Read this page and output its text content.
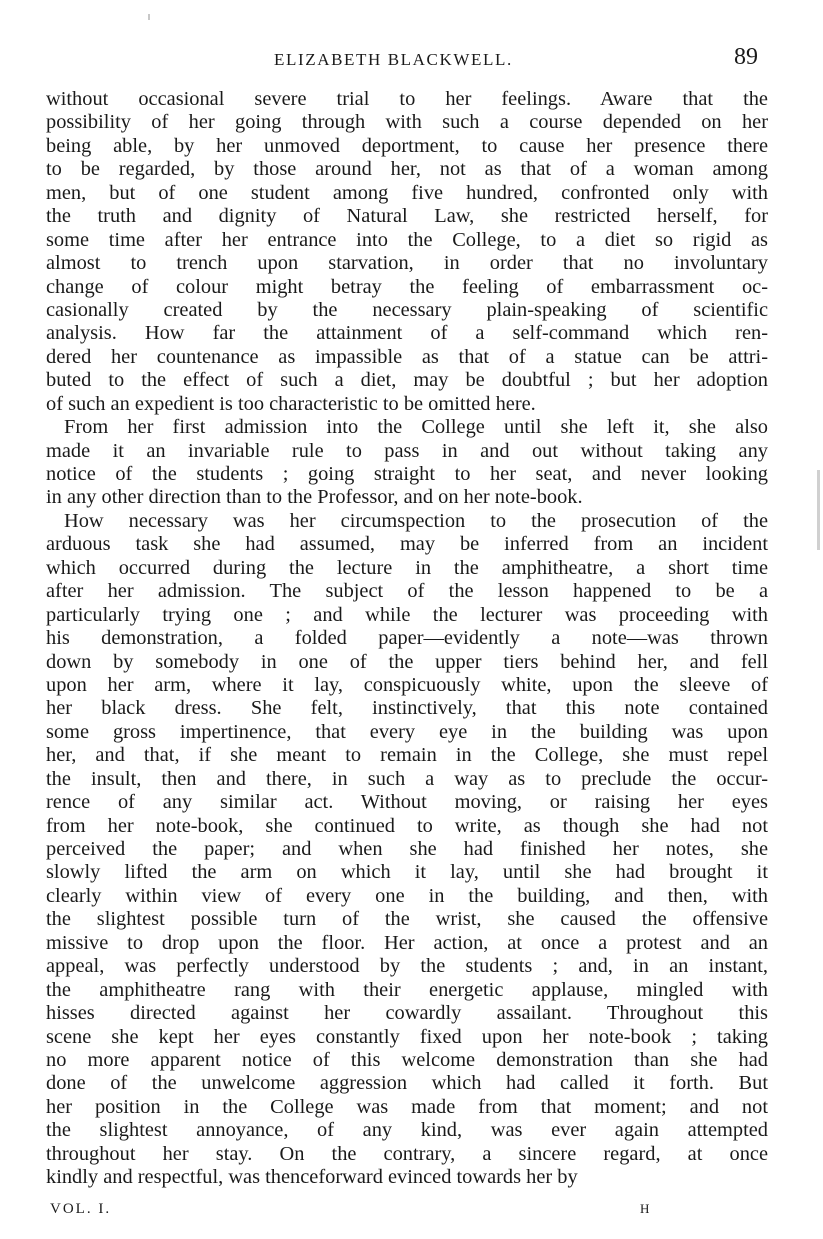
ELIZABETH BLACKWELL.	89
without occasional severe trial to her feelings. Aware that the
possibility of her going through with such a course depended on her
being able, by her unmoved deportment, to cause her presence there
to be regarded, by those around her, not as that of a woman among
men, but of one student among five hundred, confronted only with
the truth and dignity of Natural Law, she restricted herself, for
some time after her entrance into the College, to a diet so rigid as
almost to trench upon starvation, in order that no involuntary
change of colour might betray the feeling of embarrassment oc-
casionally created by the necessary plain-speaking of scientific
analysis. How far the attainment of a self-command which ren-
dered her countenance as impassible as that of a statue can be attri-
buted to the effect of such a diet, may be doubtful ; but her adoption
of such an expedient is too characteristic to be omitted here.
From her first admission into the College until she left it, she also
made it an invariable rule to pass in and out without taking any
notice of the students ; going straight to her seat, and never looking
in any other direction than to the Professor, and on her note-book.
How necessary was her circumspection to the prosecution of the
arduous task she had assumed, may be inferred from an incident
which occurred during the lecture in the amphitheatre, a short time
after her admission. The subject of the lesson happened to be a
particularly trying one ; and while the lecturer was proceeding with
his demonstration, a folded paper—evidently a note—was thrown
down by somebody in one of the upper tiers behind her, and fell
upon her arm, where it lay, conspicuously white, upon the sleeve of
her black dress. She felt, instinctively, that this note contained
some gross impertinence, that every eye in the building was upon
her, and that, if she meant to remain in the College, she must repel
the insult, then and there, in such a way as to preclude the occur-
rence of any similar act. Without moving, or raising her eyes
from her note-book, she continued to write, as though she had not
perceived the paper; and when she had finished her notes, she
slowly lifted the arm on which it lay, until she had brought it
clearly within view of every one in the building, and then, with
the slightest possible turn of the wrist, she caused the offensive
missive to drop upon the floor. Her action, at once a protest and an
appeal, was perfectly understood by the students ; and, in an instant,
the amphitheatre rang with their energetic applause, mingled with
hisses directed against her cowardly assailant. Throughout this
scene she kept her eyes constantly fixed upon her note-book ; taking
no more apparent notice of this welcome demonstration than she had
done of the unwelcome aggression which had called it forth. But
her position in the College was made from that moment; and not
the slightest annoyance, of any kind, was ever again attempted
throughout her stay. On the contrary, a sincere regard, at once
kindly and respectful, was thenceforward evinced towards her by
VOL. I.	H
